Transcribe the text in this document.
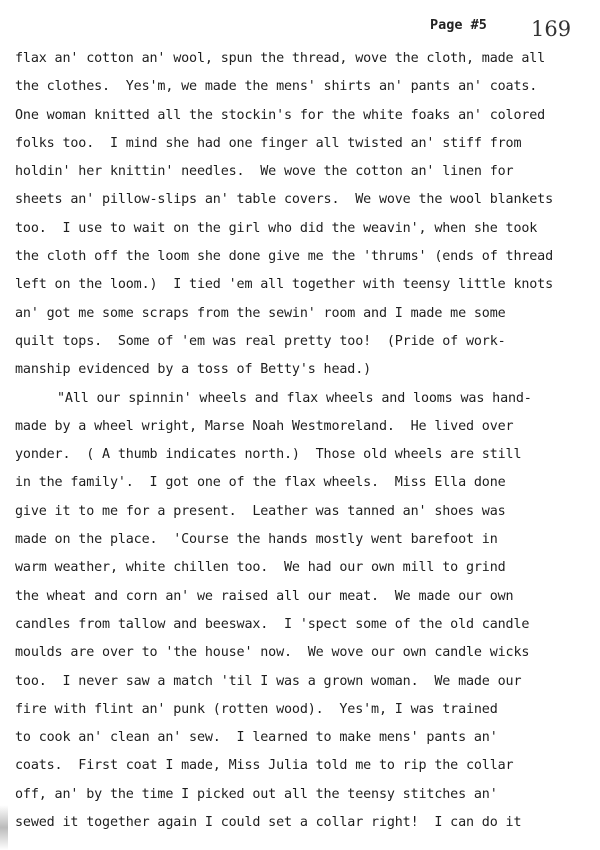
Page #5 169
flax an' cotton an' wool, spun the thread, wove the cloth, made all
the clothes.  Yes'm, we made the mens' shirts an' pants an' coats.
One woman knitted all the stockin's for the white foaks an' colored
folks too.  I mind she had one finger all twisted an' stiff from
holdin' her knittin' needles.  We wove the cotton an' linen for
sheets an' pillow-slips an' table covers.  We wove the wool blankets
too.  I use to wait on the girl who did the weavin', when she took
the cloth off the loom she done give me the 'thrums' (ends of thread
left on the loom.)  I tied 'em all together with teensy little knots
an' got me some scraps from the sewin' room and I made me some
quilt tops.  Some of 'em was real pretty too!  (Pride of work-
manship evidenced by a toss of Betty's head.)
"All our spinnin' wheels and flax wheels and looms was hand-
made by a wheel wright, Marse Noah Westmoreland.  He lived over
yonder.  ( A thumb indicates north.)  Those old wheels are still
in the family'.  I got one of the flax wheels.  Miss Ella done
give it to me for a present.  Leather was tanned an' shoes was
made on the place.  'Course the hands mostly went barefoot in
warm weather, white chillen too.  We had our own mill to grind
the wheat and corn an' we raised all our meat.  We made our own
candles from tallow and beeswax.  I 'spect some of the old candle
moulds are over to 'the house' now.  We wove our own candle wicks
too.  I never saw a match 'til I was a grown woman.  We made our
fire with flint an' punk (rotten wood).  Yes'm, I was trained
to cook an' clean an' sew.  I learned to make mens' pants an'
coats.  First coat I made, Miss Julia told me to rip the collar
off, an' by the time I picked out all the teensy stitches an'
sewed it together again I could set a collar right!  I can do it
